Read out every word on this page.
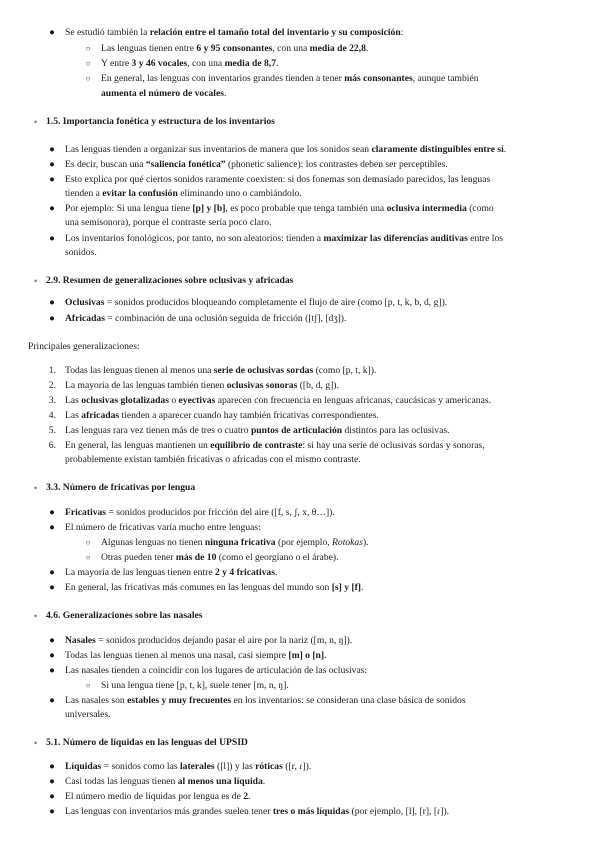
● Se estudió también la relación entre el tamaño total del inventario y su composición:
○ Las lenguas tienen entre 6 y 95 consonantes, con una media de 22,8.
○ Y entre 3 y 46 vocales, con una media de 8,7.
○ En general, las lenguas con inventarios grandes tienden a tener más consonantes, aunque también
aumenta el número de vocales.
• 1.5. Importancia fonética y estructura de los inventarios
● Las lenguas tienden a organizar sus inventarios de manera que los sonidos sean claramente distinguibles entre sí.
● Es decir, buscan una “saliencia fonética” (phonetic salience): los contrastes deben ser perceptibles.
● Esto explica por qué ciertos sonidos raramente coexisten: si dos fonemas son demasiado parecidos, las lenguas
tienden a evitar la confusión eliminando uno o cambiándolo.
● Por ejemplo: Si una lengua tiene [p] y [b], es poco probable que tenga también una oclusiva intermedia (como
una semisonora), porque el contraste sería poco claro.
● Los inventarios fonológicos, por tanto, no son aleatorios: tienden a maximizar las diferencias auditivas entre los
sonidos.
• 2.9. Resumen de generalizaciones sobre oclusivas y africadas
● Oclusivas = sonidos producidos bloqueando completamente el flujo de aire (como [p, t, k, b, d, g]).
● Africadas = combinación de una oclusión seguida de fricción ([tʃ], [dʒ]).
Principales generalizaciones:
1. Todas las lenguas tienen al menos una serie de oclusivas sordas (como [p, t, k]).
2. La mayoría de las lenguas también tienen oclusivas sonoras ([b, d, g]).
3. Las oclusivas glotalizadas o eyectivas aparecen con frecuencia en lenguas africanas, caucásicas y americanas.
4. Las africadas tienden a aparecer cuando hay también fricativas correspondientes.
5. Las lenguas rara vez tienen más de tres o cuatro puntos de articulación distintos para las oclusivas.
6. En general, las lenguas mantienen un equilibrio de contraste: si hay una serie de oclusivas sordas y sonoras,
probablemente existan también fricativas o africadas con el mismo contraste.
• 3.3. Número de fricativas por lengua
● Fricativas = sonidos producidos por fricción del aire ([f, s, ʃ, x, θ…]).
● El número de fricativas varía mucho entre lenguas:
○ Algunas lenguas no tienen ninguna fricativa (por ejemplo, Rotokas).
○ Otras pueden tener más de 10 (como el georgiano o el árabe).
● La mayoría de las lenguas tienen entre 2 y 4 fricativas.
● En general, las fricativas más comunes en las lenguas del mundo son [s] y [f].
• 4.6. Generalizaciones sobre las nasales
● Nasales = sonidos producidos dejando pasar el aire por la nariz ([m, n, ŋ]).
● Todas las lenguas tienen al menos una nasal, casi siempre [m] o [n].
● Las nasales tienden a coincidir con los lugares de articulación de las oclusivas:
○ Si una lengua tiene [p, t, k], suele tener [m, n, ŋ].
● Las nasales son estables y muy frecuentes en los inventarios: se consideran una clase básica de sonidos
universales.
• 5.1. Número de líquidas en las lenguas del UPSID
● Líquidas = sonidos como las laterales ([l]) y las róticas ([r, ɾ]).
● Casi todas las lenguas tienen al menos una líquida.
● El número medio de líquidas por lengua es de 2.
● Las lenguas con inventarios más grandes suelen tener tres o más líquidas (por ejemplo, [l], [r], [ɾ]).
